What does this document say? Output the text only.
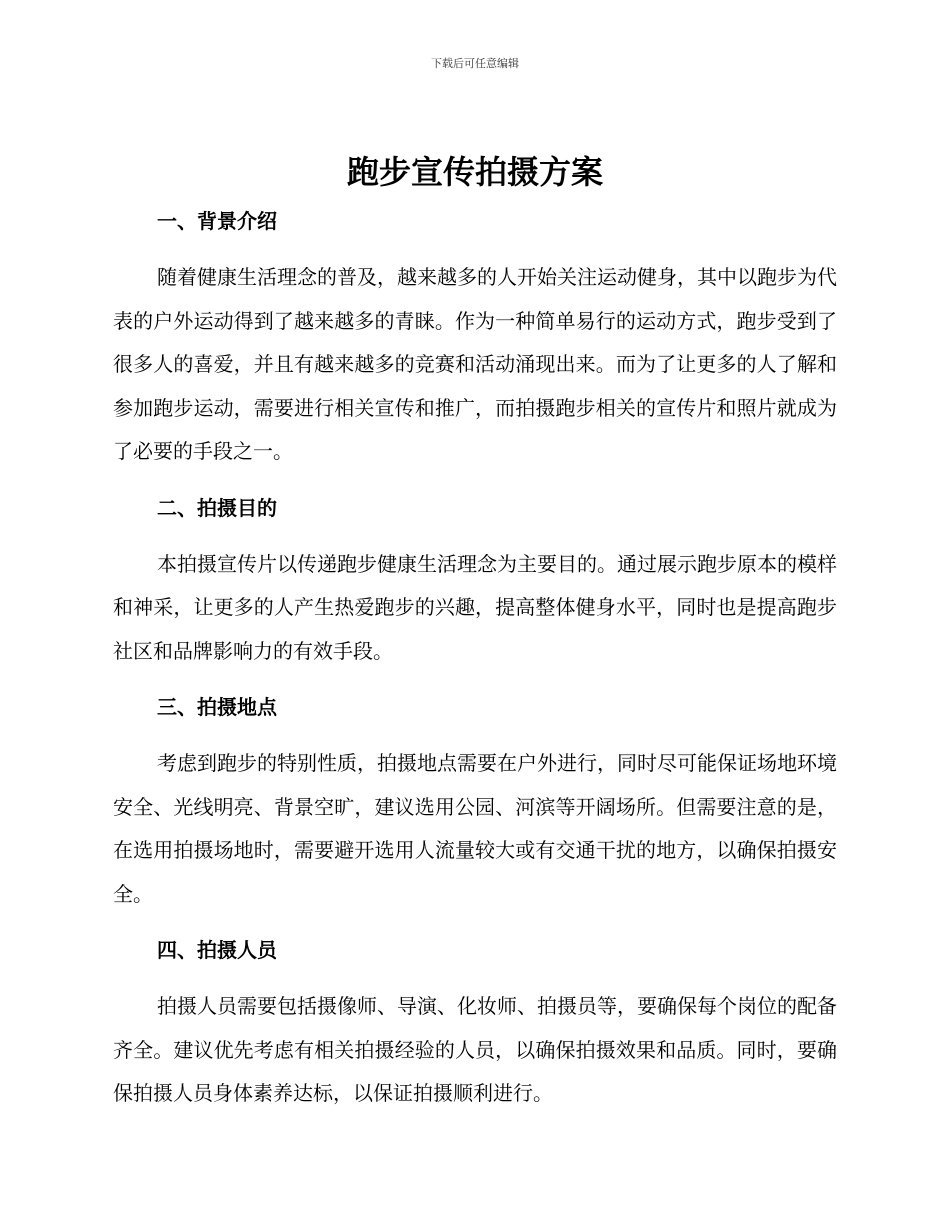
下载后可任意编辑
跑步宣传拍摄方案
一、背景介绍

随着健康生活理念的普及，越来越多的人开始关注运动健身，其中以跑步为代表的户外运动得到了越来越多的青睐。作为一种简单易行的运动方式，跑步受到了很多人的喜爱，并且有越来越多的竞赛和活动涌现出来。而为了让更多的人了解和参加跑步运动，需要进行相关宣传和推广，而拍摄跑步相关的宣传片和照片就成为了必要的手段之一。

二、拍摄目的

本拍摄宣传片以传递跑步健康生活理念为主要目的。通过展示跑步原本的模样和神采，让更多的人产生热爱跑步的兴趣，提高整体健身水平，同时也是提高跑步社区和品牌影响力的有效手段。

三、拍摄地点

考虑到跑步的特别性质，拍摄地点需要在户外进行，同时尽可能保证场地环境安全、光线明亮、背景空旷，建议选用公园、河滨等开阔场所。但需要注意的是，在选用拍摄场地时，需要避开选用人流量较大或有交通干扰的地方，以确保拍摄安全。

四、拍摄人员

拍摄人员需要包括摄像师、导演、化妆师、拍摄员等，要确保每个岗位的配备齐全。建议优先考虑有相关拍摄经验的人员，以确保拍摄效果和品质。同时，要确保拍摄人员身体素养达标，以保证拍摄顺利进行。
